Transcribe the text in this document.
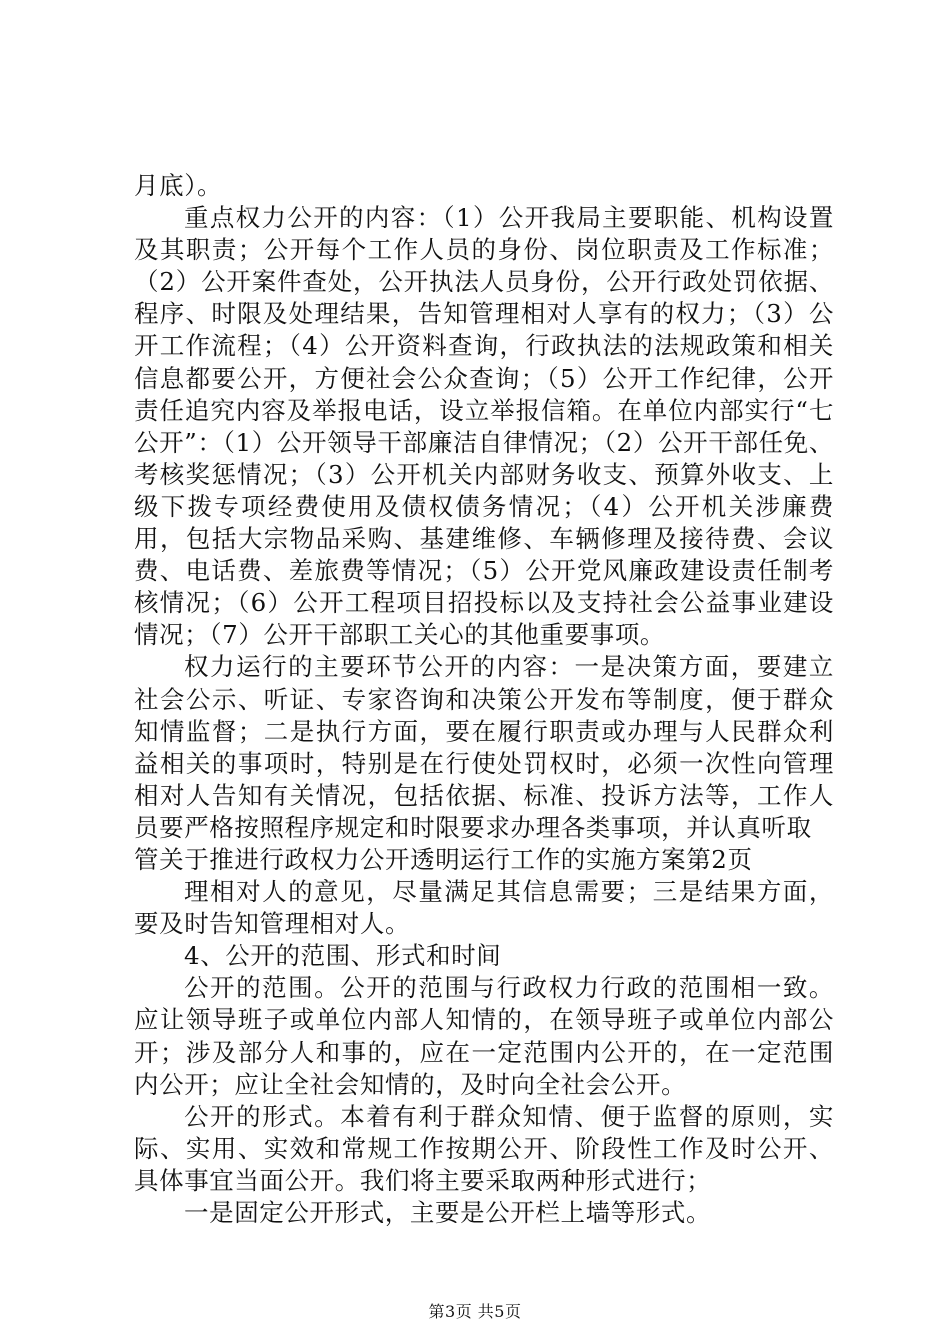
月底）。

重点权力公开的内容：（1）公开我局主要职能、机构设置及其职责；公开每个工作人员的身份、岗位职责及工作标准；（2）公开案件查处，公开执法人员身份，公开行政处罚依据、程序、时限及处理结果，告知管理相对人享有的权力；（3）公开工作流程；（4）公开资料查询，行政执法的法规政策和相关信息都要公开，方便社会公众查询；（5）公开工作纪律，公开责任追究内容及举报电话，设立举报信箱。在单位内部实行“七公开”：（1）公开领导干部廉洁自律情况；（2）公开干部任免、考核奖惩情况；（3）公开机关内部财务收支、预算外收支、上级下拨专项经费使用及债权债务情况；（4）公开机关涉廉费用，包括大宗物品采购、基建维修、车辆修理及接待费、会议费、电话费、差旅费等情况；（5）公开党风廉政建设责任制考核情况；（6）公开工程项目招投标以及支持社会公益事业建设情况；（7）公开干部职工关心的其他重要事项。

权力运行的主要环节公开的内容：一是决策方面，要建立社会公示、听证、专家咨询和决策公开发布等制度，便于群众知情监督；二是执行方面，要在履行职责或办理与人民群众利益相关的事项时，特别是在行使处罚权时，必须一次性向管理相对人告知有关情况，包括依据、标准、投诉方法等，工作人员要严格按照程序规定和时限要求办理各类事项，并认真听取

管关于推进行政权力公开透明运行工作的实施方案第2页

理相对人的意见，尽量满足其信息需要；三是结果方面，要及时告知管理相对人。

4、公开的范围、形式和时间

公开的范围。公开的范围与行政权力行政的范围相一致。应让领导班子或单位内部人知情的，在领导班子或单位内部公开；涉及部分人和事的，应在一定范围内公开的，在一定范围内公开；应让全社会知情的，及时向全社会公开。

公开的形式。本着有利于群众知情、便于监督的原则，实际、实用、实效和常规工作按期公开、阶段性工作及时公开、具体事宜当面公开。我们将主要采取两种形式进行；

一是固定公开形式，主要是公开栏上墙等形式。

第3页 共5页
